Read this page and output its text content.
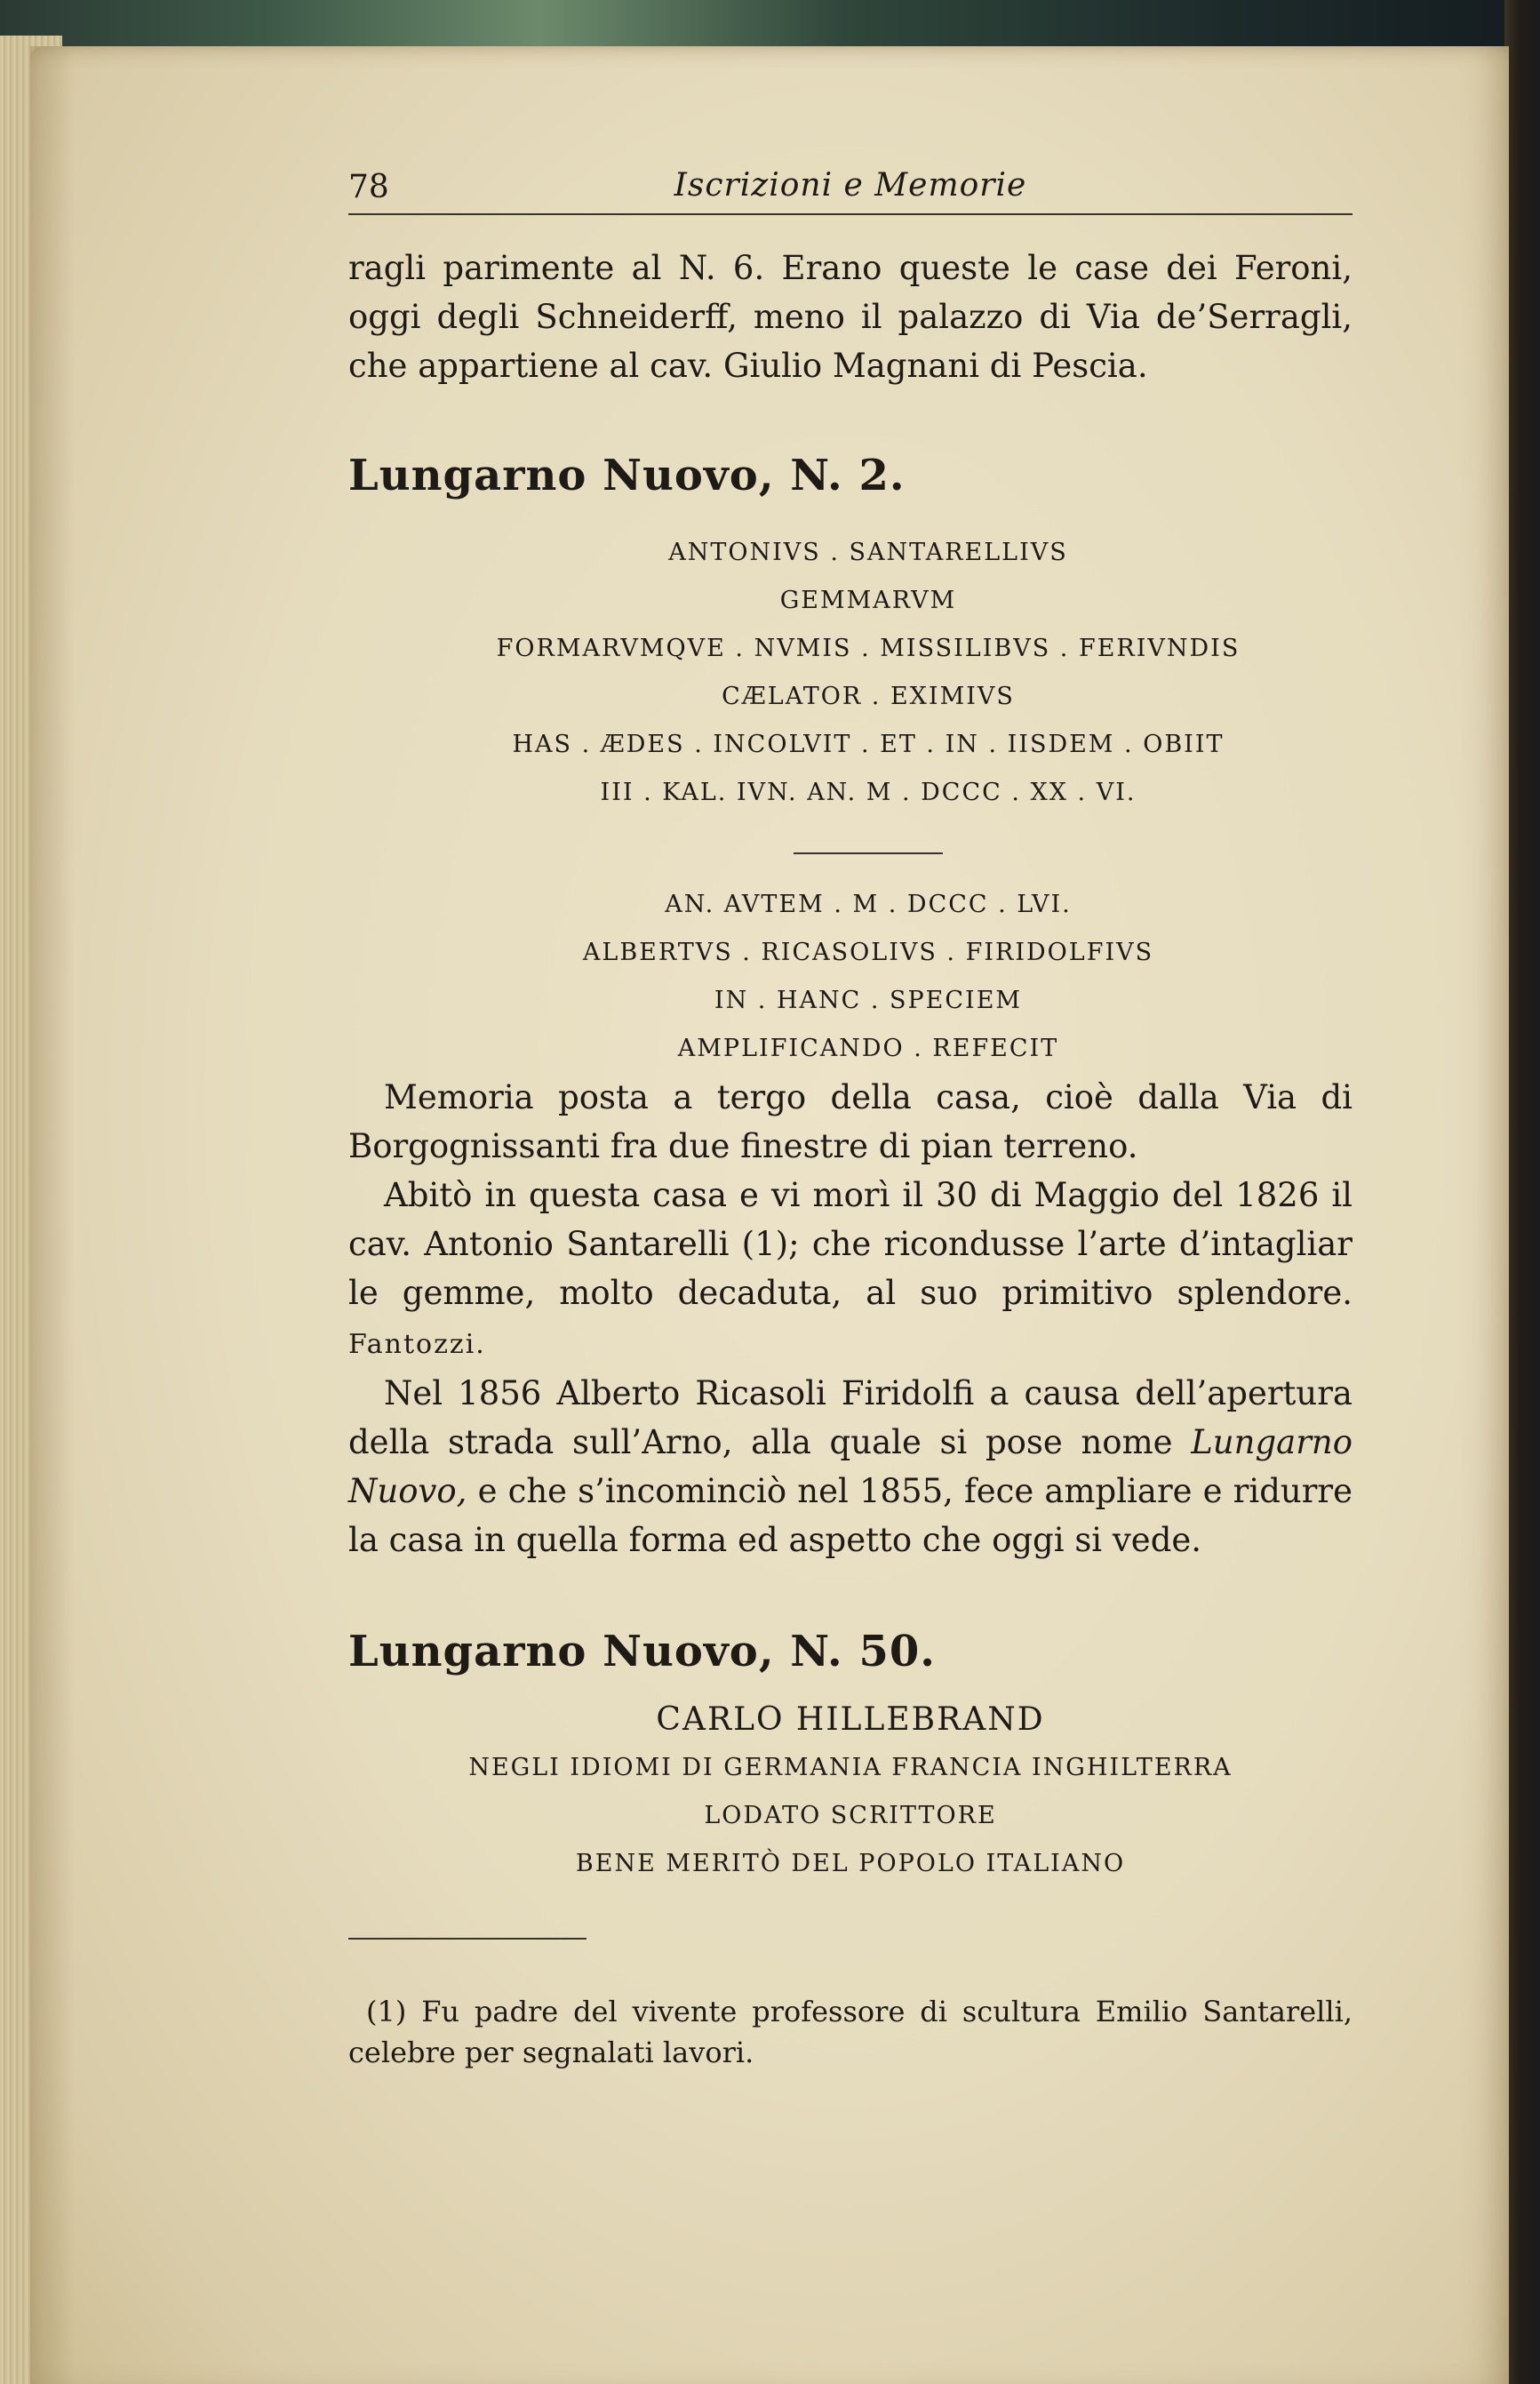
78	Iscrizioni e Memorie

ragli parimente al N. 6. Erano queste le case dei Feroni, oggi degli Schneiderff, meno il palazzo di Via de’Serragli, che appartiene al cav. Giulio Magnani di Pescia.

Lungarno Nuovo, N. 2.
ANTONIVS . SANTARELLIVS
GEMMARVM
FORMARVMQVE . NVMIS . MISSILIBVS . FERIVNDIS
CÆLATOR . EXIMIVS
HAS . ÆDES . INCOLVIT . ET . IN . IISDEM . OBIIT
III . KAL. IVN. AN. M . DCCC . XX . VI.
AN. AVTEM . M . DCCC . LVI.
ALBERTVS . RICASOLIVS . FIRIDOLFIVS
IN . HANC . SPECIEM
AMPLIFICANDO . REFECIT

Memoria posta a tergo della casa, cioè dalla Via di Borgognissanti fra due finestre di pian terreno.

Abitò in questa casa e vi morì il 30 di Maggio del 1826 il cav. Antonio Santarelli (1); che ricondusse l’arte d’intagliar le gemme, molto decaduta, al suo primitivo splendore. Fantozzi.

Nel 1856 Alberto Ricasoli Firidolfi a causa dell’apertura della strada sull’Arno, alla quale si pose nome Lungarno Nuovo, e che s’incominciò nel 1855, fece ampliare e ridurre la casa in quella forma ed aspetto che oggi si vede.

Lungarno Nuovo, N. 50.
CARLO HILLEBRAND
NEGLI IDIOMI DI GERMANIA FRANCIA INGHILTERRA
LODATO SCRITTORE
BENE MERITÒ DEL POPOLO ITALIANO

(1) Fu padre del vivente professore di scultura Emilio Santarelli, celebre per segnalati lavori.
